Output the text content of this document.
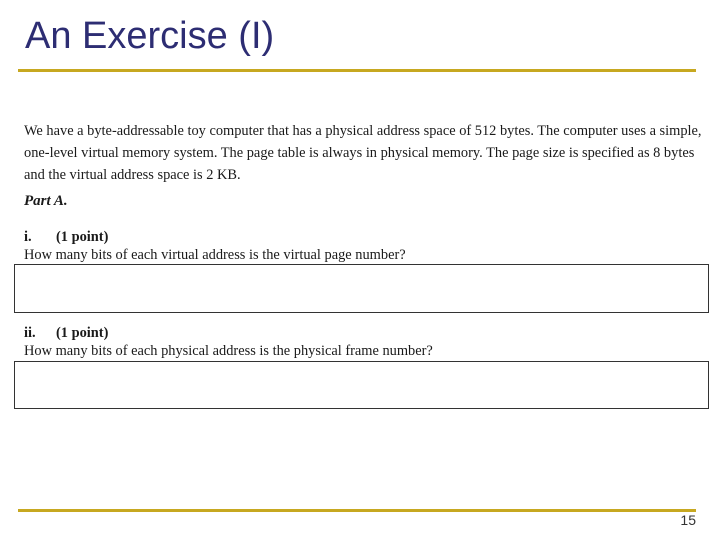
An Exercise (I)
We have a byte-addressable toy computer that has a physical address space of 512 bytes. The computer uses a simple, one-level virtual memory system. The page table is always in physical memory. The page size is specified as 8 bytes and the virtual address space is 2 KB.
Part A.
i. (1 point)
How many bits of each virtual address is the virtual page number?
ii. (1 point)
How many bits of each physical address is the physical frame number?
15
